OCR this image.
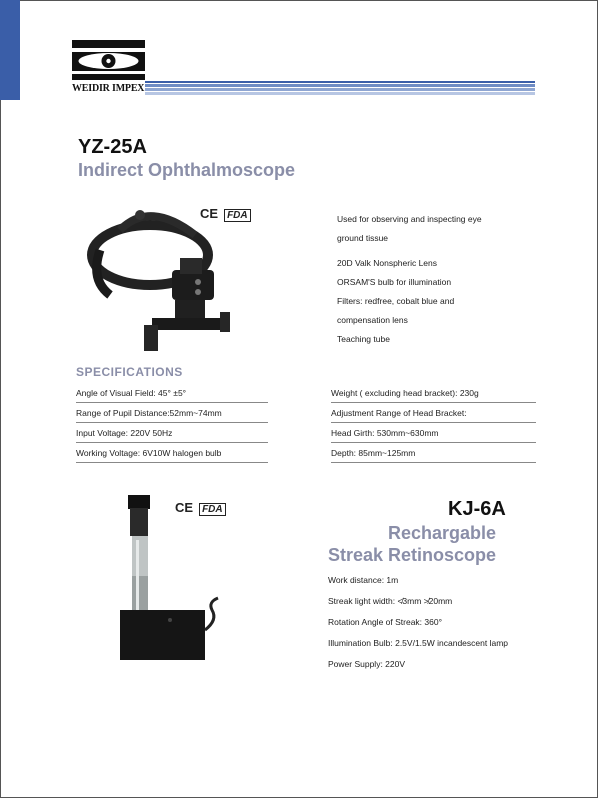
WEIDIR IMPEX
YZ-25A
Indirect Ophthalmoscope
CE FDA	Used for observing and inspecting eye
ground tissue
20D Valk Nonspheric Lens
ORSAM'S bulb for illumination
Filters: redfree, cobalt blue and
compensation lens
Teaching tube
SPECIFICATIONS
Angle of Visual Field: 45° ±5°
Range of Pupil Distance:52mm~74mm
Input Voltage: 220V 50Hz
Working Voltage: 6V10W halogen bulb
Weight ( excluding head bracket): 230g
Adjustment Range of Head Bracket:
Head Girth: 530mm~630mm
Depth: 85mm~125mm
CE FDA	KJ-6A
Rechargable
Streak Retinoscope
Work distance: 1m
Streak light width: ≮3mm ≯20mm
Rotation Angle of Streak: 360°
Illumination Bulb: 2.5V/1.5W incandescent lamp
Power Supply: 220V
